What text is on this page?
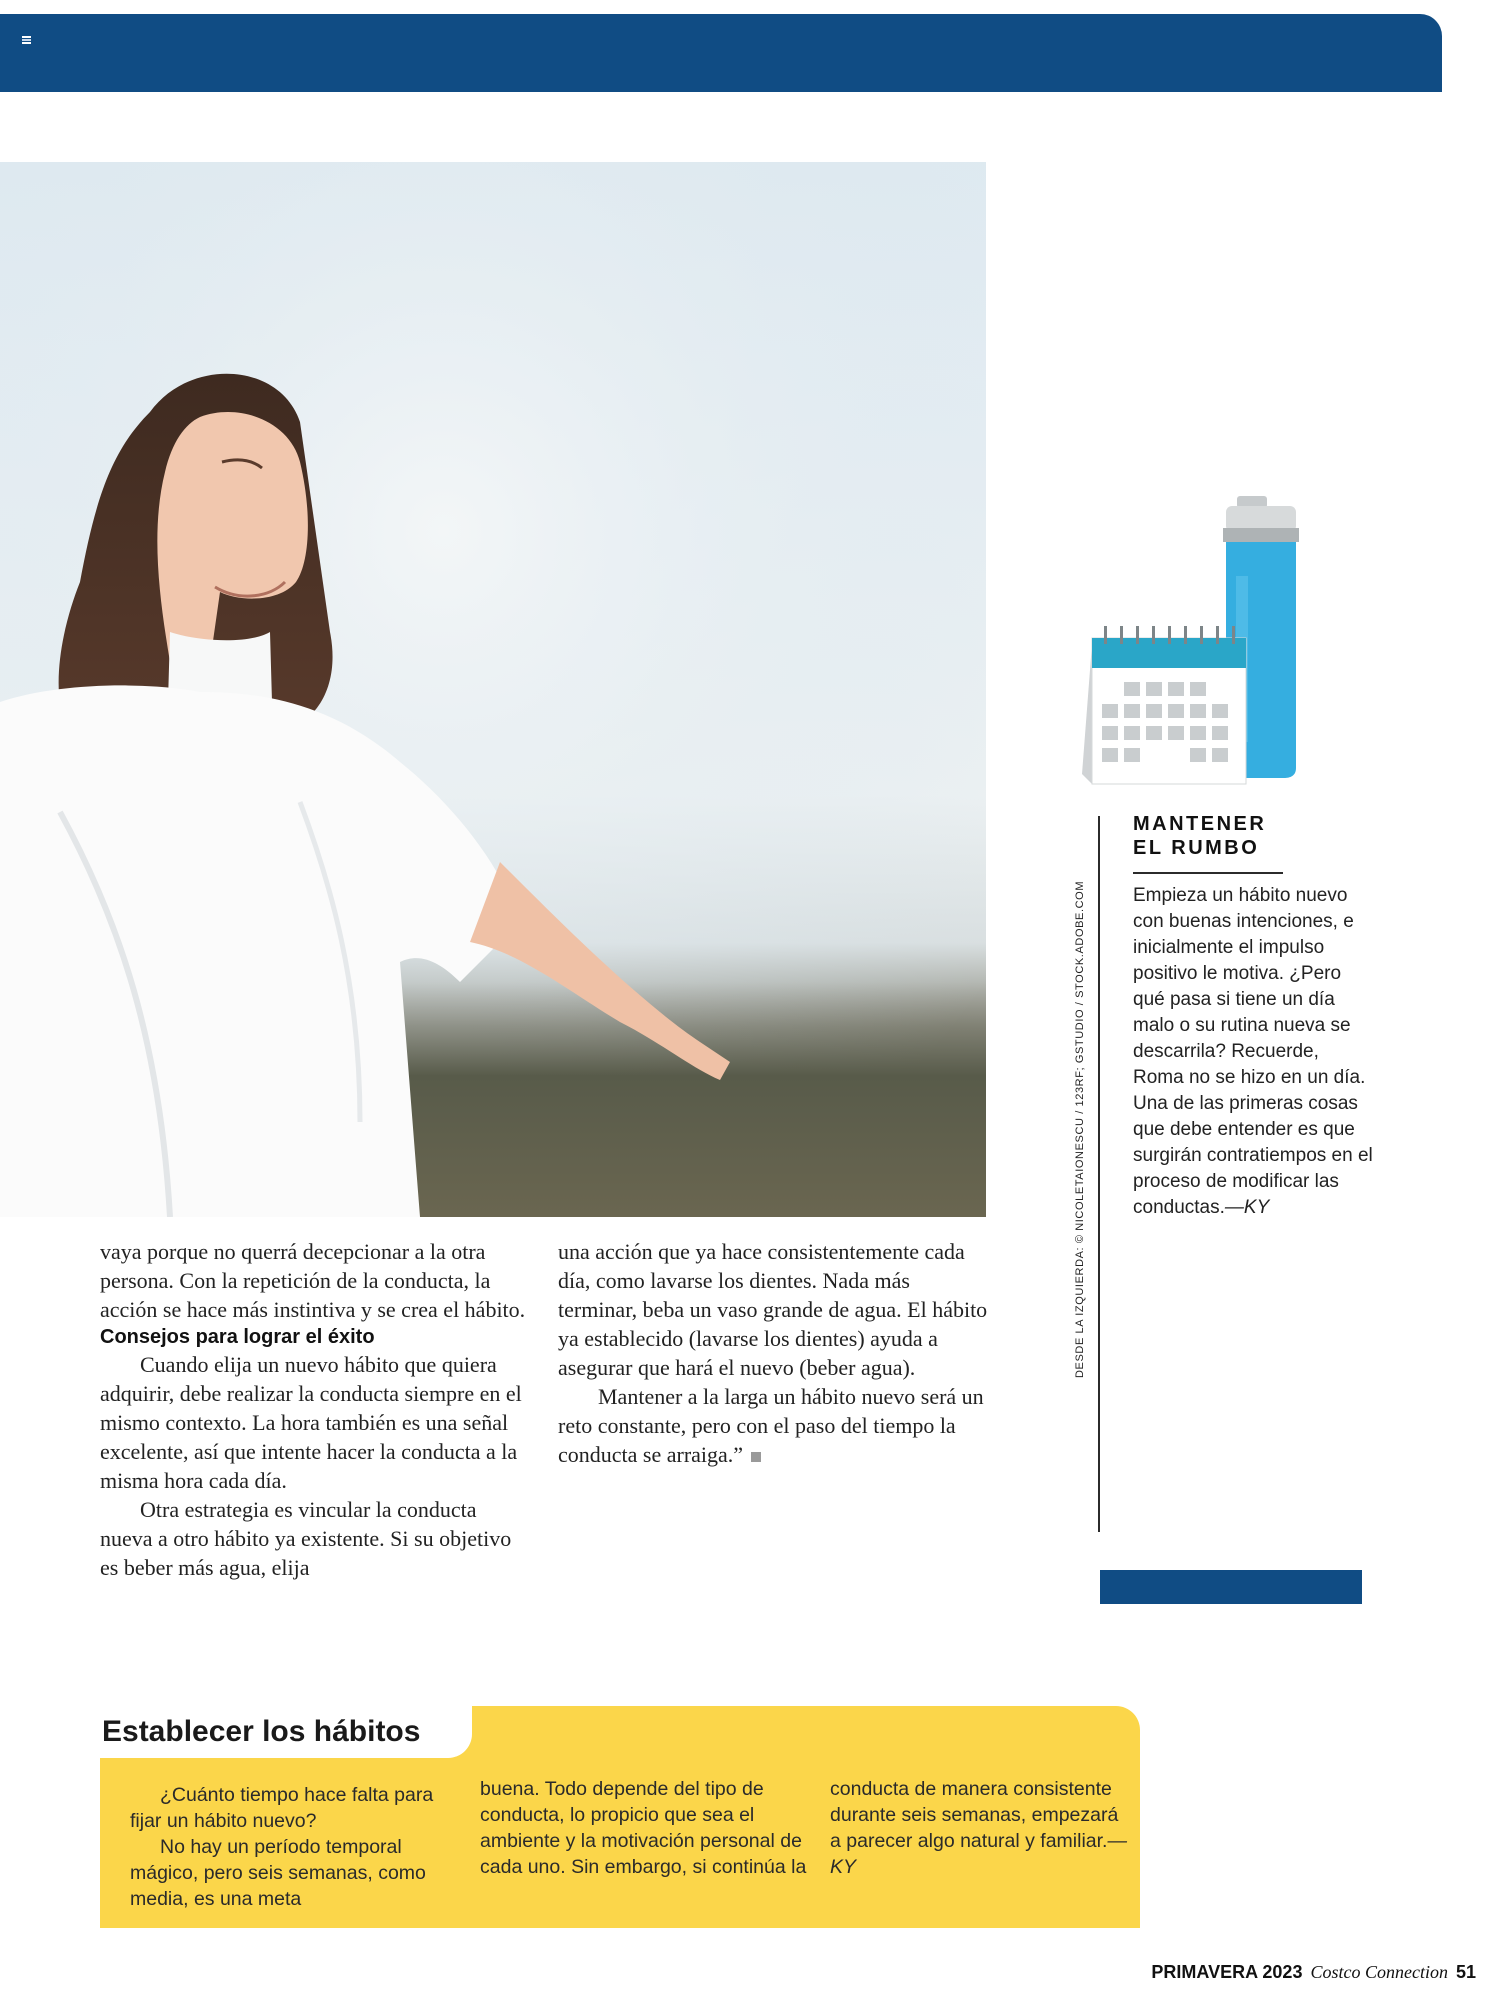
vaya porque no querrá decepcionar a la otra persona. Con la repetición de la conducta, la acción se hace más instintiva y se crea el hábito.

Consejos para lograr el éxito

Cuando elija un nuevo hábito que quiera adquirir, debe realizar la conducta siempre en el mismo contexto. La hora también es una señal excelente, así que intente hacer la conducta a la misma hora cada día.

Otra estrategia es vincular la conducta nueva a otro hábito ya existente. Si su objetivo es beber más agua, elija

una acción que ya hace consistentemente cada día, como lavarse los dientes. Nada más terminar, beba un vaso grande de agua. El hábito ya establecido (lavarse los dientes) ayuda a asegurar que hará el nuevo (beber agua).

Mantener a la larga un hábito nuevo será un reto constante, pero con el paso del tiempo la conducta se arraiga.”

DESDE LA IZQUIERDA: © NICOLETAIONESCU / 123RF; GSTUDIO / STOCK.ADOBE.COM
MANTENER
EL RUMBO
Empieza un hábito nuevo con buenas intenciones, e inicialmente el impulso positivo le motiva. ¿Pero qué pasa si tiene un día malo o su rutina nueva se descarrila? Recuerde, Roma no se hizo en un día. Una de las primeras cosas que debe entender es que surgirán contratiempos en el proceso de modificar las conductas.—KY
Establecer los hábitos

¿Cuánto tiempo hace falta para fijar un hábito nuevo?

No hay un período temporal mágico, pero seis semanas, como media, es una meta

buena. Todo depende del tipo de conducta, lo propicio que sea el ambiente y la motivación personal de cada uno. Sin embargo, si continúa la

conducta de manera consistente durante seis semanas, empezará a parecer algo natural y familiar.—KY

PRIMAVERA 2023 Costco Connection 51
